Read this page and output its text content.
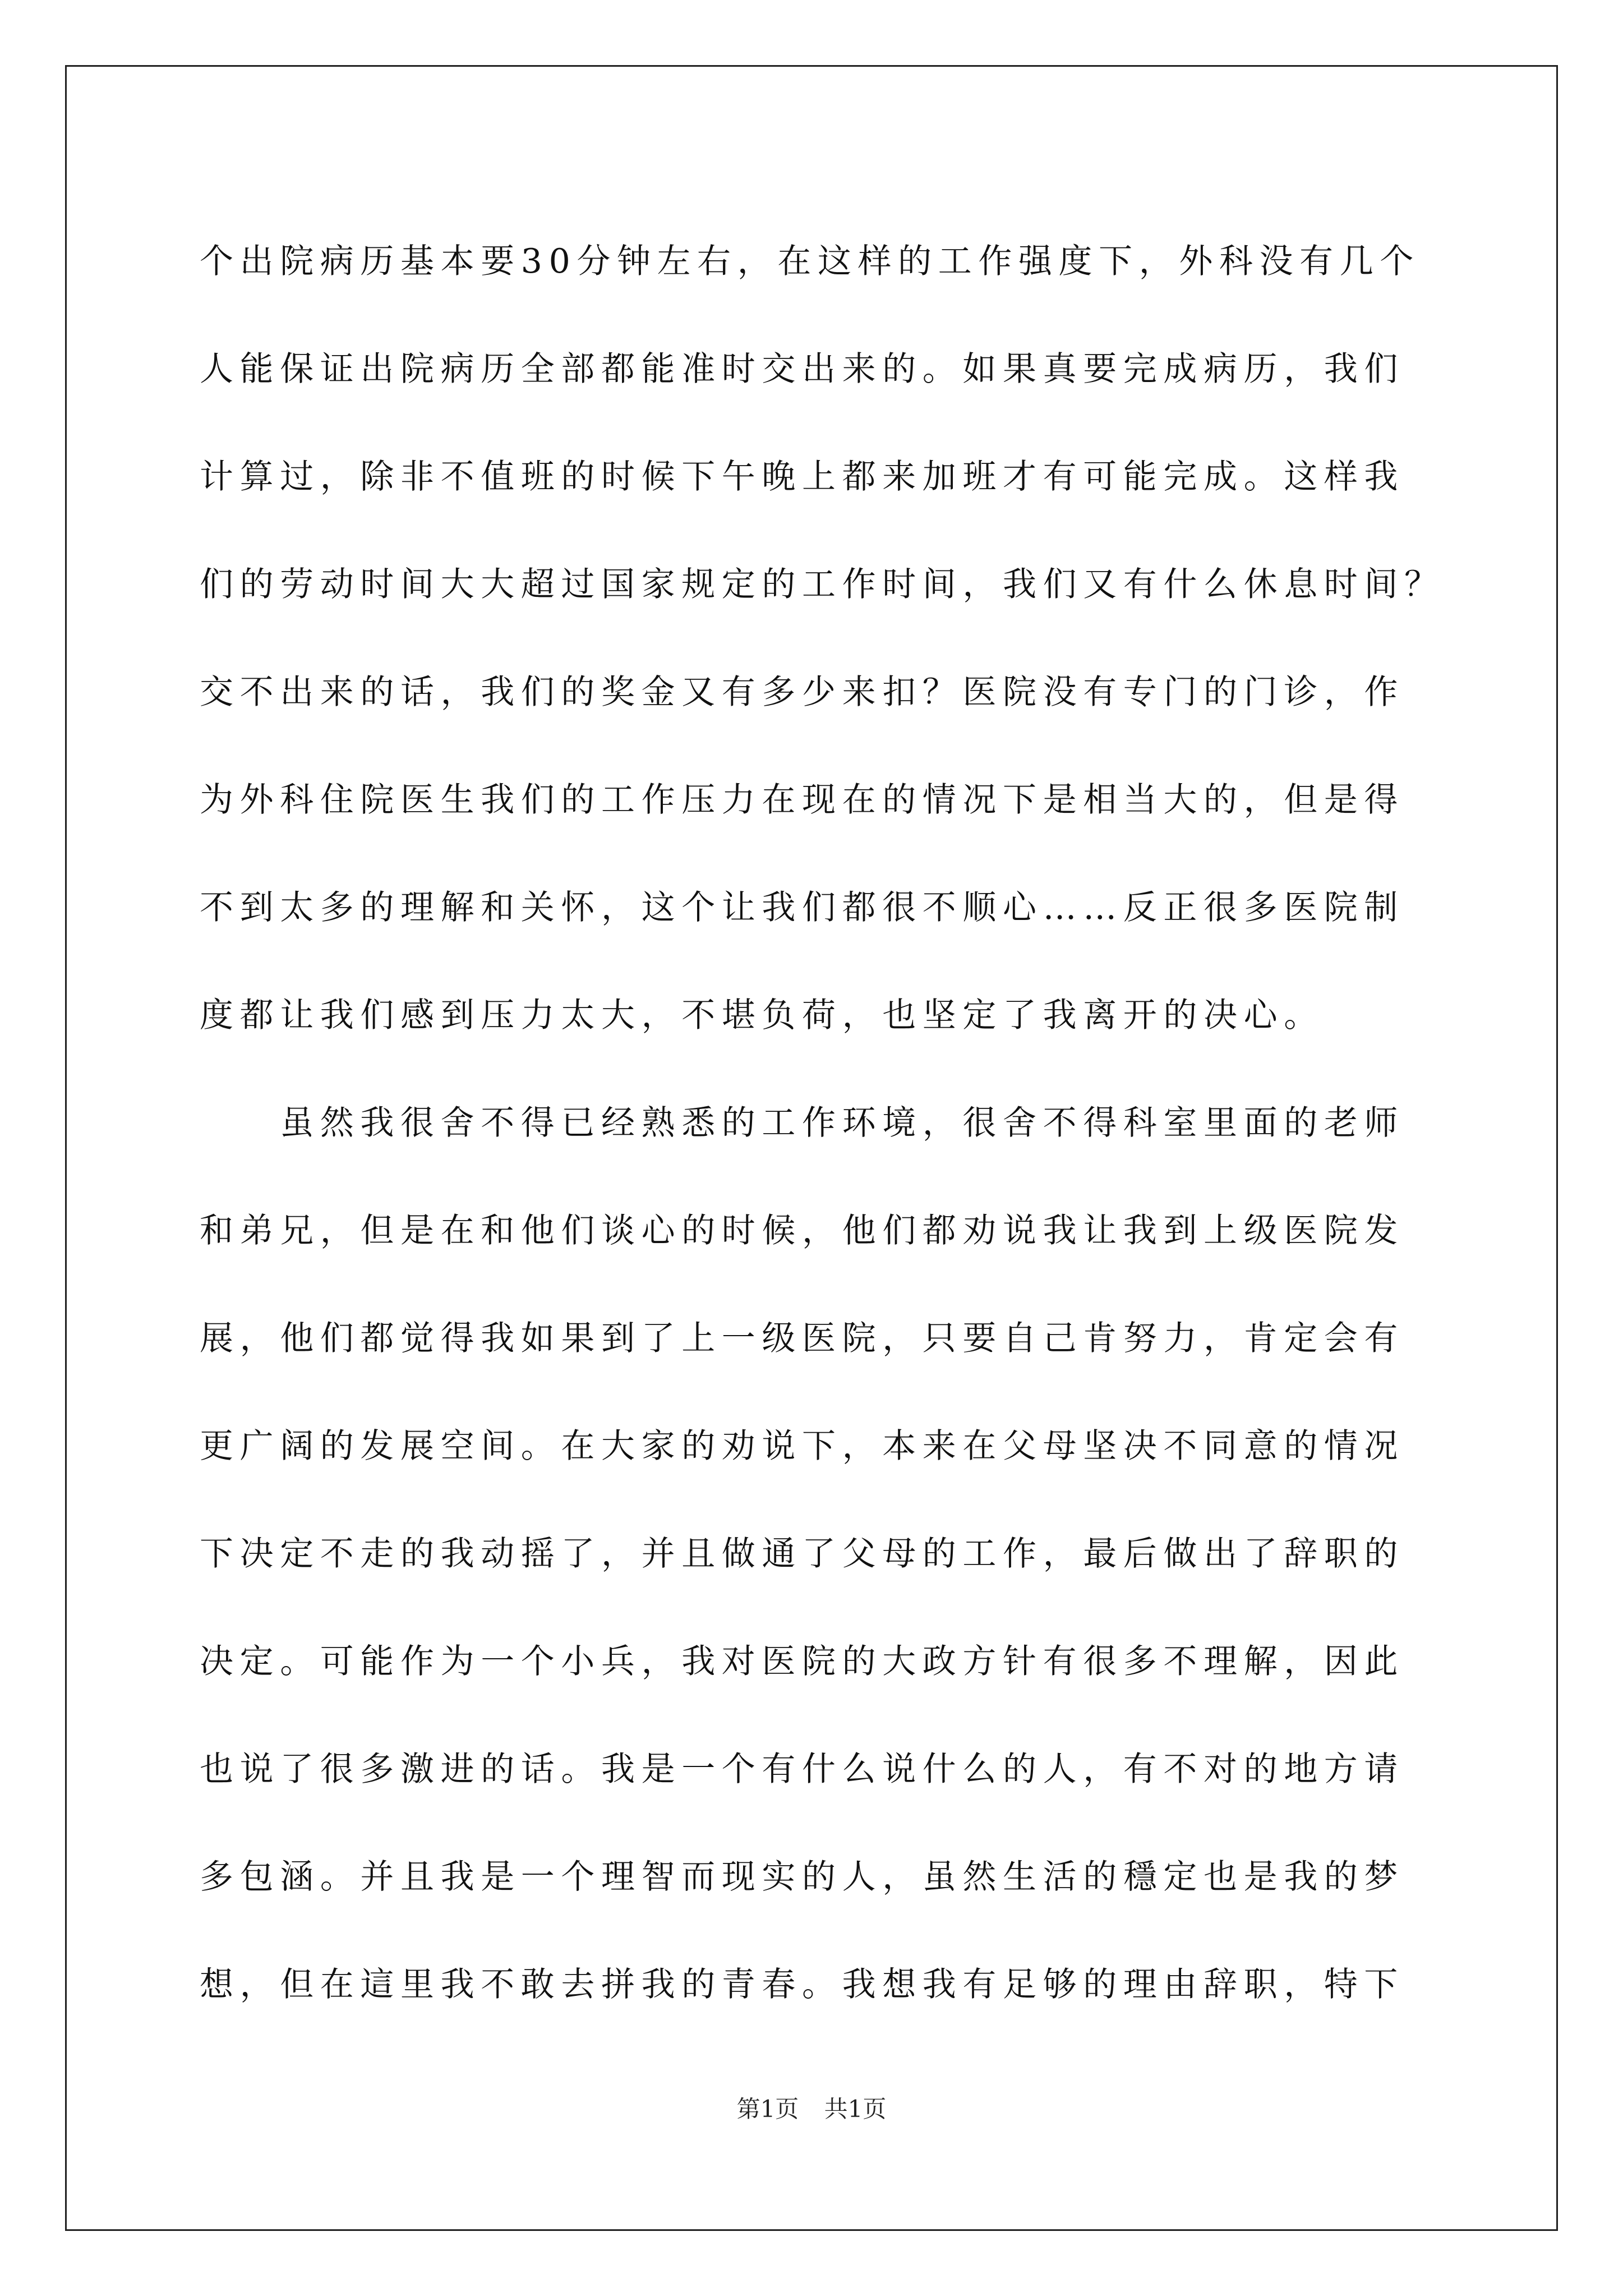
个出院病历基本要30分钟左右，在这样的工作强度下，外科没有几个
人能保证出院病历全部都能准时交出来的。如果真要完成病历，我们
计算过，除非不值班的时候下午晚上都来加班才有可能完成。这样我
们的劳动时间大大超过国家规定的工作时间，我们又有什么休息时间？
交不出来的话，我们的奖金又有多少来扣？医院没有专门的门诊，作
为外科住院医生我们的工作压力在现在的情况下是相当大的，但是得
不到太多的理解和关怀，这个让我们都很不顺心……反正很多医院制
度都让我们感到压力太大，不堪负荷，也坚定了我离开的决心。
　　虽然我很舍不得已经熟悉的工作环境，很舍不得科室里面的老师
和弟兄，但是在和他们谈心的时候，他们都劝说我让我到上级医院发
展，他们都觉得我如果到了上一级医院，只要自己肯努力，肯定会有
更广阔的发展空间。在大家的劝说下，本来在父母坚决不同意的情况
下决定不走的我动摇了，并且做通了父母的工作，最后做出了辞职的
决定。可能作为一个小兵，我对医院的大政方针有很多不理解，因此
也说了很多激进的话。我是一个有什么说什么的人，有不对的地方请
多包涵。并且我是一个理智而现实的人，虽然生活的穩定也是我的梦
想，但在這里我不敢去拼我的青春。我想我有足够的理由辞职，特下
第1页 共1页
